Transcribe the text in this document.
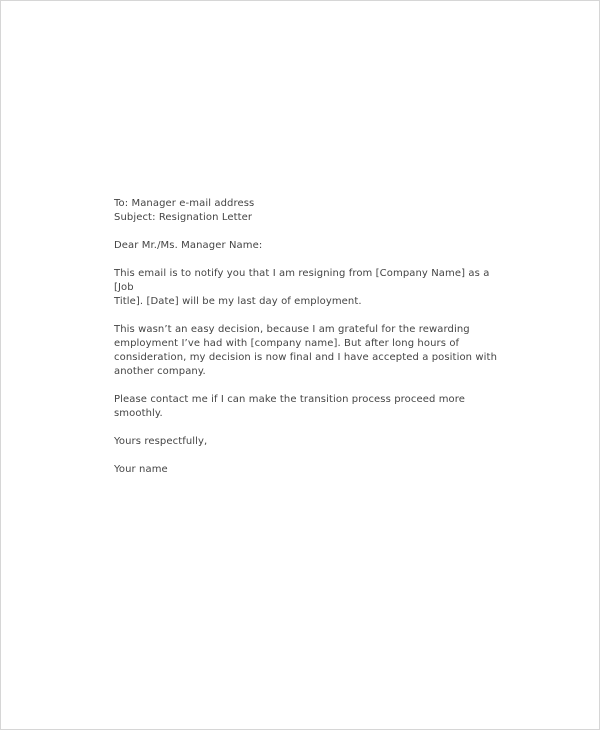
To: Manager e-mail address
Subject: Resignation Letter

Dear Mr./Ms. Manager Name:

This email is to notify you that I am resigning from [Company Name] as a [Job
Title]. [Date] will be my last day of employment.

This wasn’t an easy decision, because I am grateful for the rewarding
employment I’ve had with [company name]. But after long hours of
consideration, my decision is now final and I have accepted a position with
another company.

Please contact me if I can make the transition process proceed more smoothly.

Yours respectfully,

Your name
